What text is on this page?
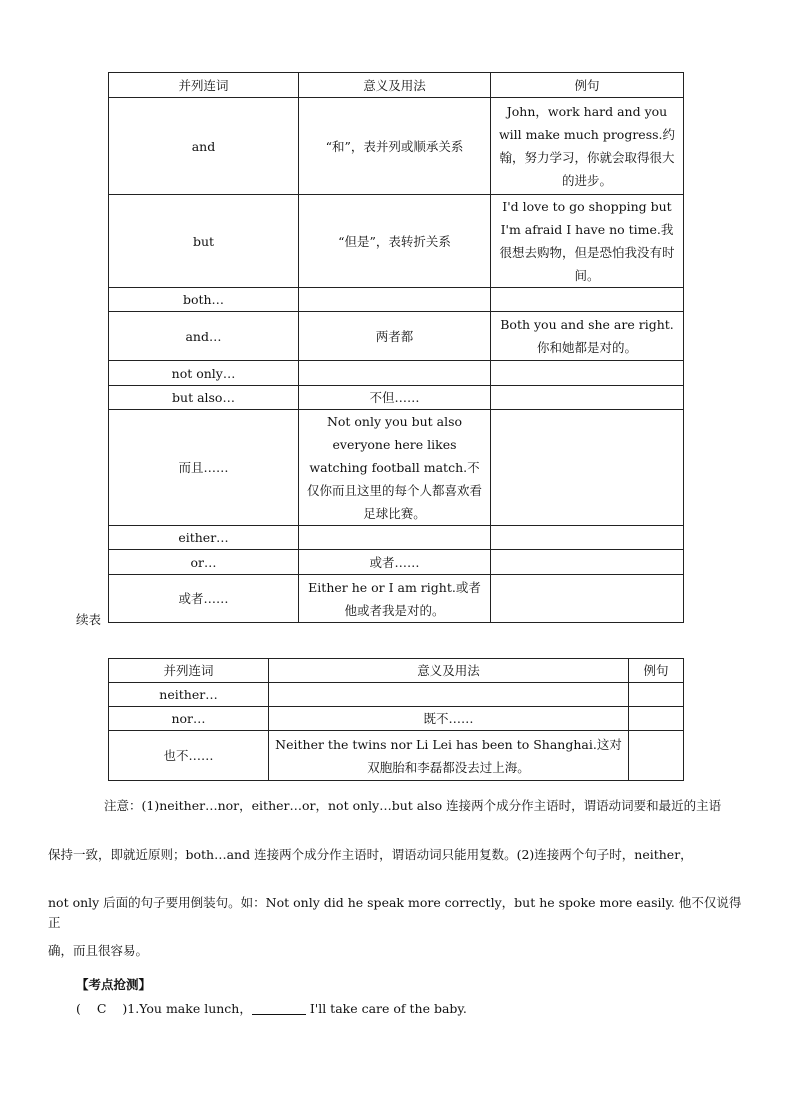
并列连词	意义及用法	例句
and	“和”，表并列或顺承关系	John，work hard and you will make much progress.约翰，努力学习，你就会取得很大的进步。
but	“但是”，表转折关系	I'd love to go shopping but I'm afraid I have no time.我很想去购物，但是恐怕我没有时间。
both…		
and…	两者都	Both you and she are right.你和她都是对的。
not only…		
but also…	不但……	
而且……	Not only you but also everyone here likes watching football match.不仅你而且这里的每个人都喜欢看足球比赛。	
either…		
or…	或者……	
或者……	Either he or I am right.或者他或者我是对的。	
续表
并列连词	意义及用法	例句
neither…		
nor…	既不……	
也不……	Neither the twins nor Li Lei has been to Shanghai.这对双胞胎和李磊都没去过上海。	
注意：(1)neither…nor，either…or，not only…but also 连接两个成分作主语时，谓语动词要和最近的主语
保持一致，即就近原则；both…and 连接两个成分作主语时，谓语动词只能用复数。(2)连接两个句子时，neither，
not only 后面的句子要用倒装句。如：Not only did he speak more correctly，but he spoke more easily. 他不仅说得正
确，而且很容易。
【考点抢测】
( C )1.You make lunch，	I'll take care of the baby.
